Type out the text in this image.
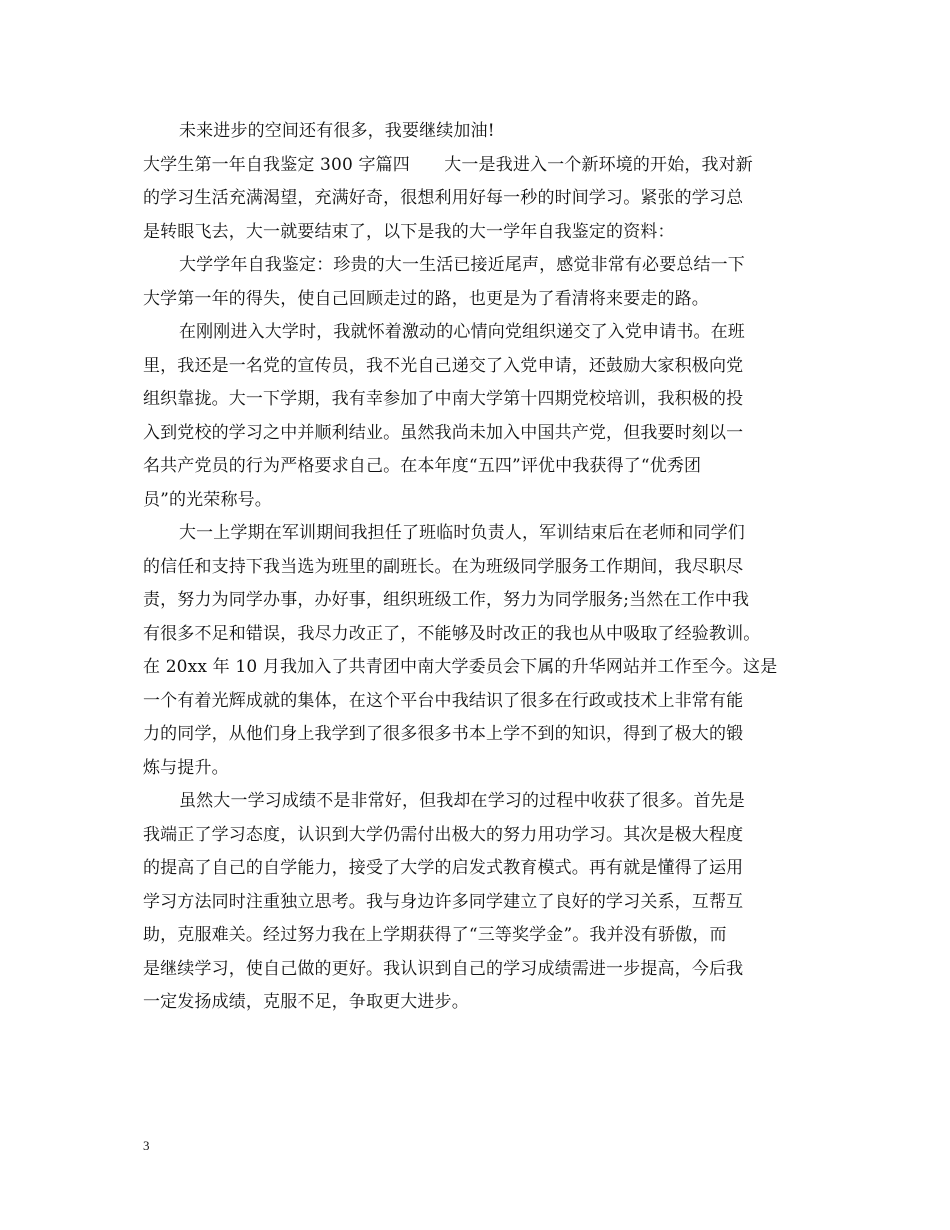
未来进步的空间还有很多，我要继续加油!
大学生第一年自我鉴定 300 字篇四　　大一是我进入一个新环境的开始，我对新
的学习生活充满渴望，充满好奇，很想利用好每一秒的时间学习。紧张的学习总
是转眼飞去，大一就要结束了，以下是我的大一学年自我鉴定的资料：
大学学年自我鉴定：珍贵的大一生活已接近尾声，感觉非常有必要总结一下
大学第一年的得失，使自己回顾走过的路，也更是为了看清将来要走的路。
在刚刚进入大学时，我就怀着激动的心情向党组织递交了入党申请书。在班
里，我还是一名党的宣传员，我不光自己递交了入党申请，还鼓励大家积极向党
组织靠拢。大一下学期，我有幸参加了中南大学第十四期党校培训，我积极的投
入到党校的学习之中并顺利结业。虽然我尚未加入中国共产党，但我要时刻以一
名共产党员的行为严格要求自己。在本年度“五四”评优中我获得了“优秀团
员”的光荣称号。
大一上学期在军训期间我担任了班临时负责人，军训结束后在老师和同学们
的信任和支持下我当选为班里的副班长。在为班级同学服务工作期间，我尽职尽
责，努力为同学办事，办好事，组织班级工作，努力为同学服务;当然在工作中我
有很多不足和错误，我尽力改正了，不能够及时改正的我也从中吸取了经验教训。
在 20xx 年 10 月我加入了共青团中南大学委员会下属的升华网站并工作至今。这是
一个有着光辉成就的集体，在这个平台中我结识了很多在行政或技术上非常有能
力的同学，从他们身上我学到了很多很多书本上学不到的知识，得到了极大的锻
炼与提升。
虽然大一学习成绩不是非常好，但我却在学习的过程中收获了很多。首先是
我端正了学习态度，认识到大学仍需付出极大的努力用功学习。其次是极大程度
的提高了自己的自学能力，接受了大学的启发式教育模式。再有就是懂得了运用
学习方法同时注重独立思考。我与身边许多同学建立了良好的学习关系，互帮互
助，克服难关。经过努力我在上学期获得了“三等奖学金”。我并没有骄傲，而
是继续学习，使自己做的更好。我认识到自己的学习成绩需进一步提高，今后我
一定发扬成绩，克服不足，争取更大进步。
3
